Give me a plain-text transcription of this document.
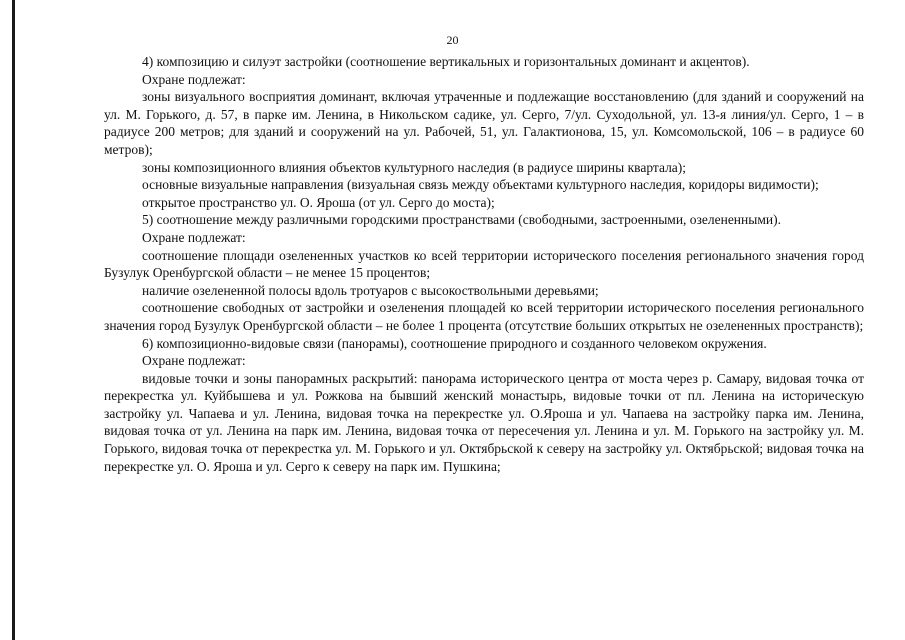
20

4) композицию и силуэт застройки (соотношение вертикальных и горизонтальных доминант и акцентов).

Охране подлежат:

зоны визуального восприятия доминант, включая утраченные и подлежащие восстановлению (для зданий и сооружений на ул. М. Горького, д. 57, в парке им. Ленина, в Никольском садике, ул. Серго, 7/ул. Суходольной, ул. 13-я линия/ул. Серго, 1 – в радиусе 200 метров; для зданий и сооружений на ул. Рабочей, 51, ул. Галактионова, 15, ул. Комсомольской, 106 – в радиусе 60 метров);

зоны композиционного влияния объектов культурного наследия (в радиусе ширины квартала);

основные визуальные направления (визуальная связь между объектами культурного наследия, коридоры видимости);

открытое пространство ул. О. Яроша (от ул. Серго до моста);

5) соотношение между различными городскими пространствами (свободными, застроенными, озелененными).

Охране подлежат:

соотношение площади озелененных участков ко всей территории исторического поселения регионального значения город Бузулук Оренбургской области – не менее 15 процентов;

наличие озелененной полосы вдоль тротуаров с высокоствольными деревьями;

соотношение свободных от застройки и озеленения площадей ко всей территории исторического поселения регионального значения город Бузулук Оренбургской области – не более 1 процента (отсутствие больших открытых не озелененных пространств);

6) композиционно-видовые связи (панорамы), соотношение природного и созданного человеком окружения.

Охране подлежат:

видовые точки и зоны панорамных раскрытий: панорама исторического центра от моста через р. Самару, видовая точка от перекрестка ул. Куйбышева и ул. Рожкова на бывший женский монастырь, видовые точки от пл. Ленина на историческую застройку ул. Чапаева и ул. Ленина, видовая точка на перекрестке ул. О.Яроша и ул. Чапаева на застройку парка им. Ленина, видовая точка от ул. Ленина на парк им. Ленина, видовая точка от пересечения ул. Ленина и ул. М. Горького на застройку ул. М. Горького, видовая точка от перекрестка ул. М. Горького и ул. Октябрьской к северу на застройку ул. Октябрьской; видовая точка на перекрестке ул. О. Яроша и ул. Серго к северу на парк им. Пушкина;
